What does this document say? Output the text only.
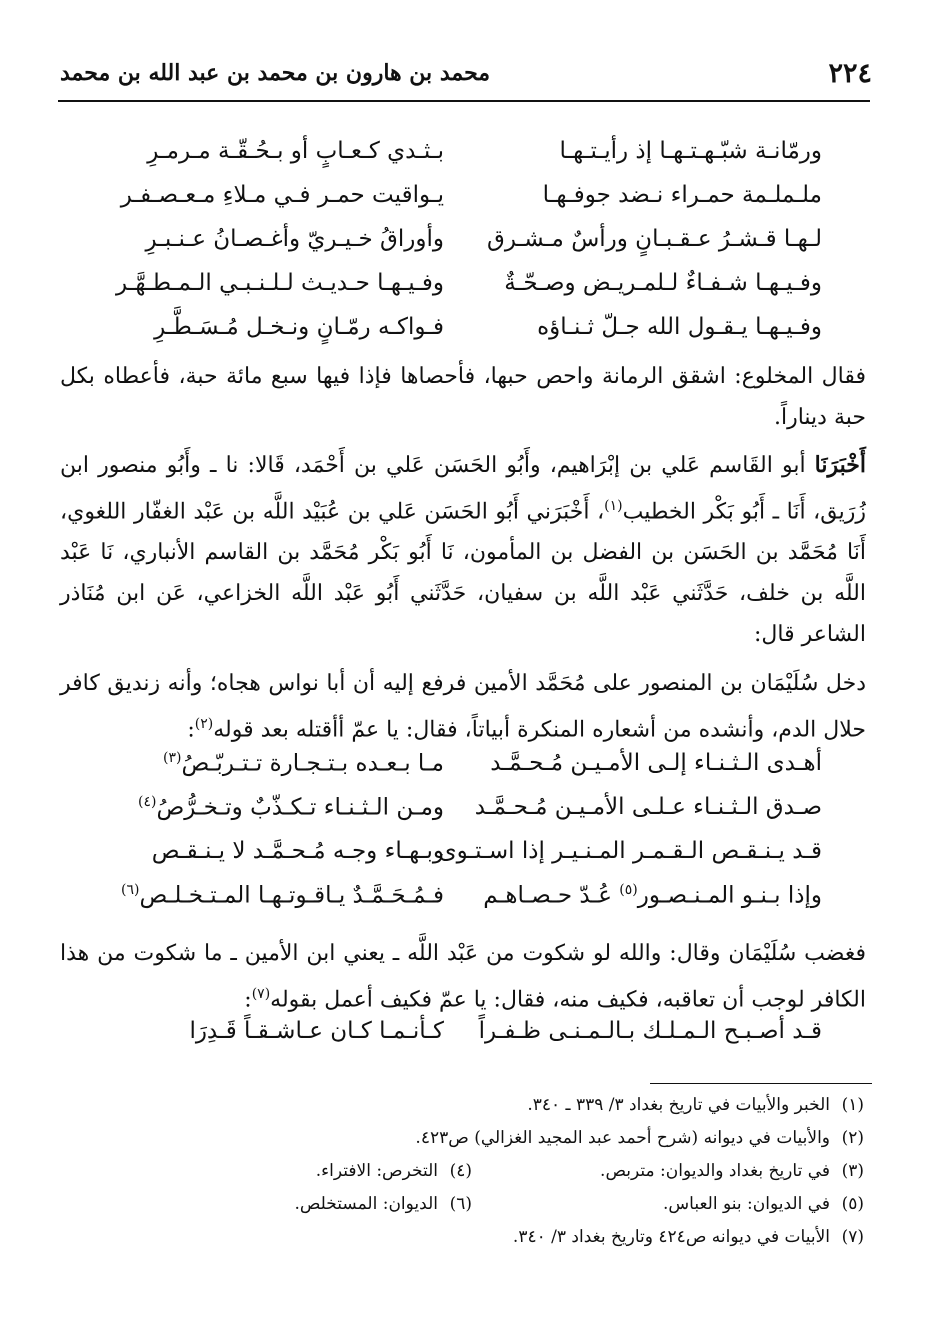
٢٢٤
محمد بن هارون بن محمد بن عبد الله بن محمد
ورمّانـة شبّـهـتـهـا إذ رأيـتـهـا
بـثـدي كـعـابٍ أو بـحُـقّـة مـرمـرِ
ملـملـمة حمـراء نـضد جوفـهـا
يـواقيت حمـر فـي مـلاءِ مـعـصـفـر
لـهـا قـشـرُ عـقـبـانٍ ورأسٌ مـشـرق
وأوراقُ خـيـريّ وأغـصـانُ عـنـبـرِ
وفـيـهـا شـفـاءٌ لـلمـريـض وصـحّـةٌ
وفـيـهـا حـديـث لـلـنـبـي الـمـطـهَّـر
وفـيـهـا يـقـول الله جـلّ ثـنـاؤه
فـواكـه رمّـانٍ ونـخـل مُـسَـطَّـرِ
فقال المخلوع: اشقق الرمانة واحص حبها، فأحصاها فإذا فيها سبع مائة حبة، فأعطاه بكل حبة ديناراً.
أَخْبَرَنَا أبو القَاسم عَلي بن إبْرَاهيم، وأَبُو الحَسَن عَلي بن أَحْمَد، قَالا: نا ـ وأَبُو منصور ابن زُرَيق، أَنَا ـ أَبُو بَكْر الخطيب$^{(١)}$، أَخْبَرَني أَبُو الحَسَن عَلي بن عُبَيْد اللَّه بن عَبْد الغفّار اللغوي، أَنَا مُحَمَّد بن الحَسَن بن الفضل بن المأمون، نَا أَبُو بَكْر مُحَمَّد بن القاسم الأنباري، نَا عَبْد اللَّه بن خلف، حَدَّثَني عَبْد اللَّه بن سفيان، حَدَّثَني أَبُو عَبْد اللَّه الخزاعي، عَن ابن مُنَاذر الشاعر قال:
دخل سُلَيْمَان بن المنصور على مُحَمَّد الأمين فرفع إليه أن أبا نواس هجاه؛ وأنه زنديق كافر حلال الدم، وأنشده من أشعاره المنكرة أبياتاً، فقال: يا عمّ أأقتله بعد قوله$^{(٢)}$:
أهـدى الـثـنـاء إلـى الأمـيـن مُـحـمَّـد
مـا بـعـده بـتـجـارة تـتـربّـصُ$^{(٣)}$
صـدق الـثـنـاء عـلـى الأمـيـن مُـحـمَّـد
ومـن الـثـنـاء تـكـذّبٌ وتـخـرُّصُ$^{(٤)}$
قـد يـنـقـص الـقـمـر المـنـيـر إذا اسـتـوى
وبـهـاء وجـه مُـحـمَّـد لا يـنـقـص
وإذا بـنـو المـنـصـور$^{(٥)}$ عُـدّ حـصـاهـم
فـمُـحَـمَّـدٌ يـاقـوتـهـا المـتـخـلـص$^{(٦)}$
فغضب سُلَيْمَان وقال: والله لو شكوت من عَبْد اللَّه ـ يعني ابن الأمين ـ ما شكوت من هذا الكافر لوجب أن تعاقبه، فكيف منه، فقال: يا عمّ فكيف أعمل بقوله$^{(٧)}$:
قـد أصـبـح الـمـلـك بـالـمـنـى ظـفـراً
كـأنـمـا كـان عـاشـقـاً قَـدِرَا
(١)الخبر والأبيات في تاريخ بغداد ٣/ ٣٣٩ ـ ٣٤٠.
(٢)والأبيات في ديوانه (شرح أحمد عبد المجيد الغزالي) ص٤٢٣.
(٣)في تاريخ بغداد والديوان: متربص.
(٤)التخرص: الافتراء.
(٥)في الديوان: بنو العباس.
(٦)الديوان: المستخلص.
(٧)الأبيات في ديوانه ص٤٢٤ وتاريخ بغداد ٣/ ٣٤٠.
